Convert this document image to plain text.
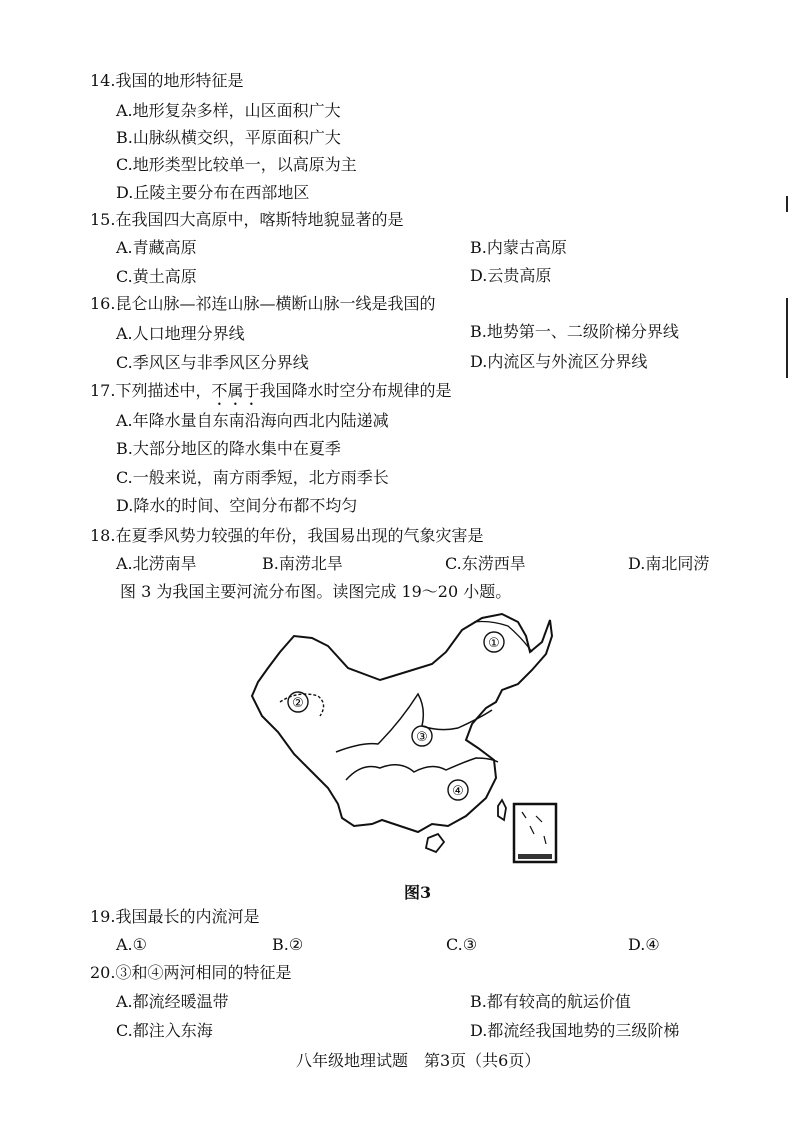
14.我国的地形特征是
A.地形复杂多样，山区面积广大
B.山脉纵横交织，平原面积广大
C.地形类型比较单一，以高原为主
D.丘陵主要分布在西部地区
15.在我国四大高原中，喀斯特地貌显著的是
A.青藏高原	B.内蒙古高原
C.黄土高原	D.云贵高原
16.昆仑山脉—祁连山脉—横断山脉一线是我国的
A.人口地理分界线	B.地势第一、二级阶梯分界线
C.季风区与非季风区分界线	D.内流区与外流区分界线
17.下列描述中，不属于我国降水时空分布规律的是
A.年降水量自东南沿海向西北内陆递减
B.大部分地区的降水集中在夏季
C.一般来说，南方雨季短，北方雨季长
D.降水的时间、空间分布都不均匀
18.在夏季风势力较强的年份，我国易出现的气象灾害是
A.北涝南旱	B.南涝北旱	C.东涝西旱	D.南北同涝
图 3 为我国主要河流分布图。读图完成 19～20 小题。
①
②
③
④
图3
19.我国最长的内流河是
A.①	B.②	C.③	D.④
20.③和④两河相同的特征是
A.都流经暖温带	B.都有较高的航运价值
C.都注入东海	D.都流经我国地势的三级阶梯
八年级地理试题　第3页（共6页）
